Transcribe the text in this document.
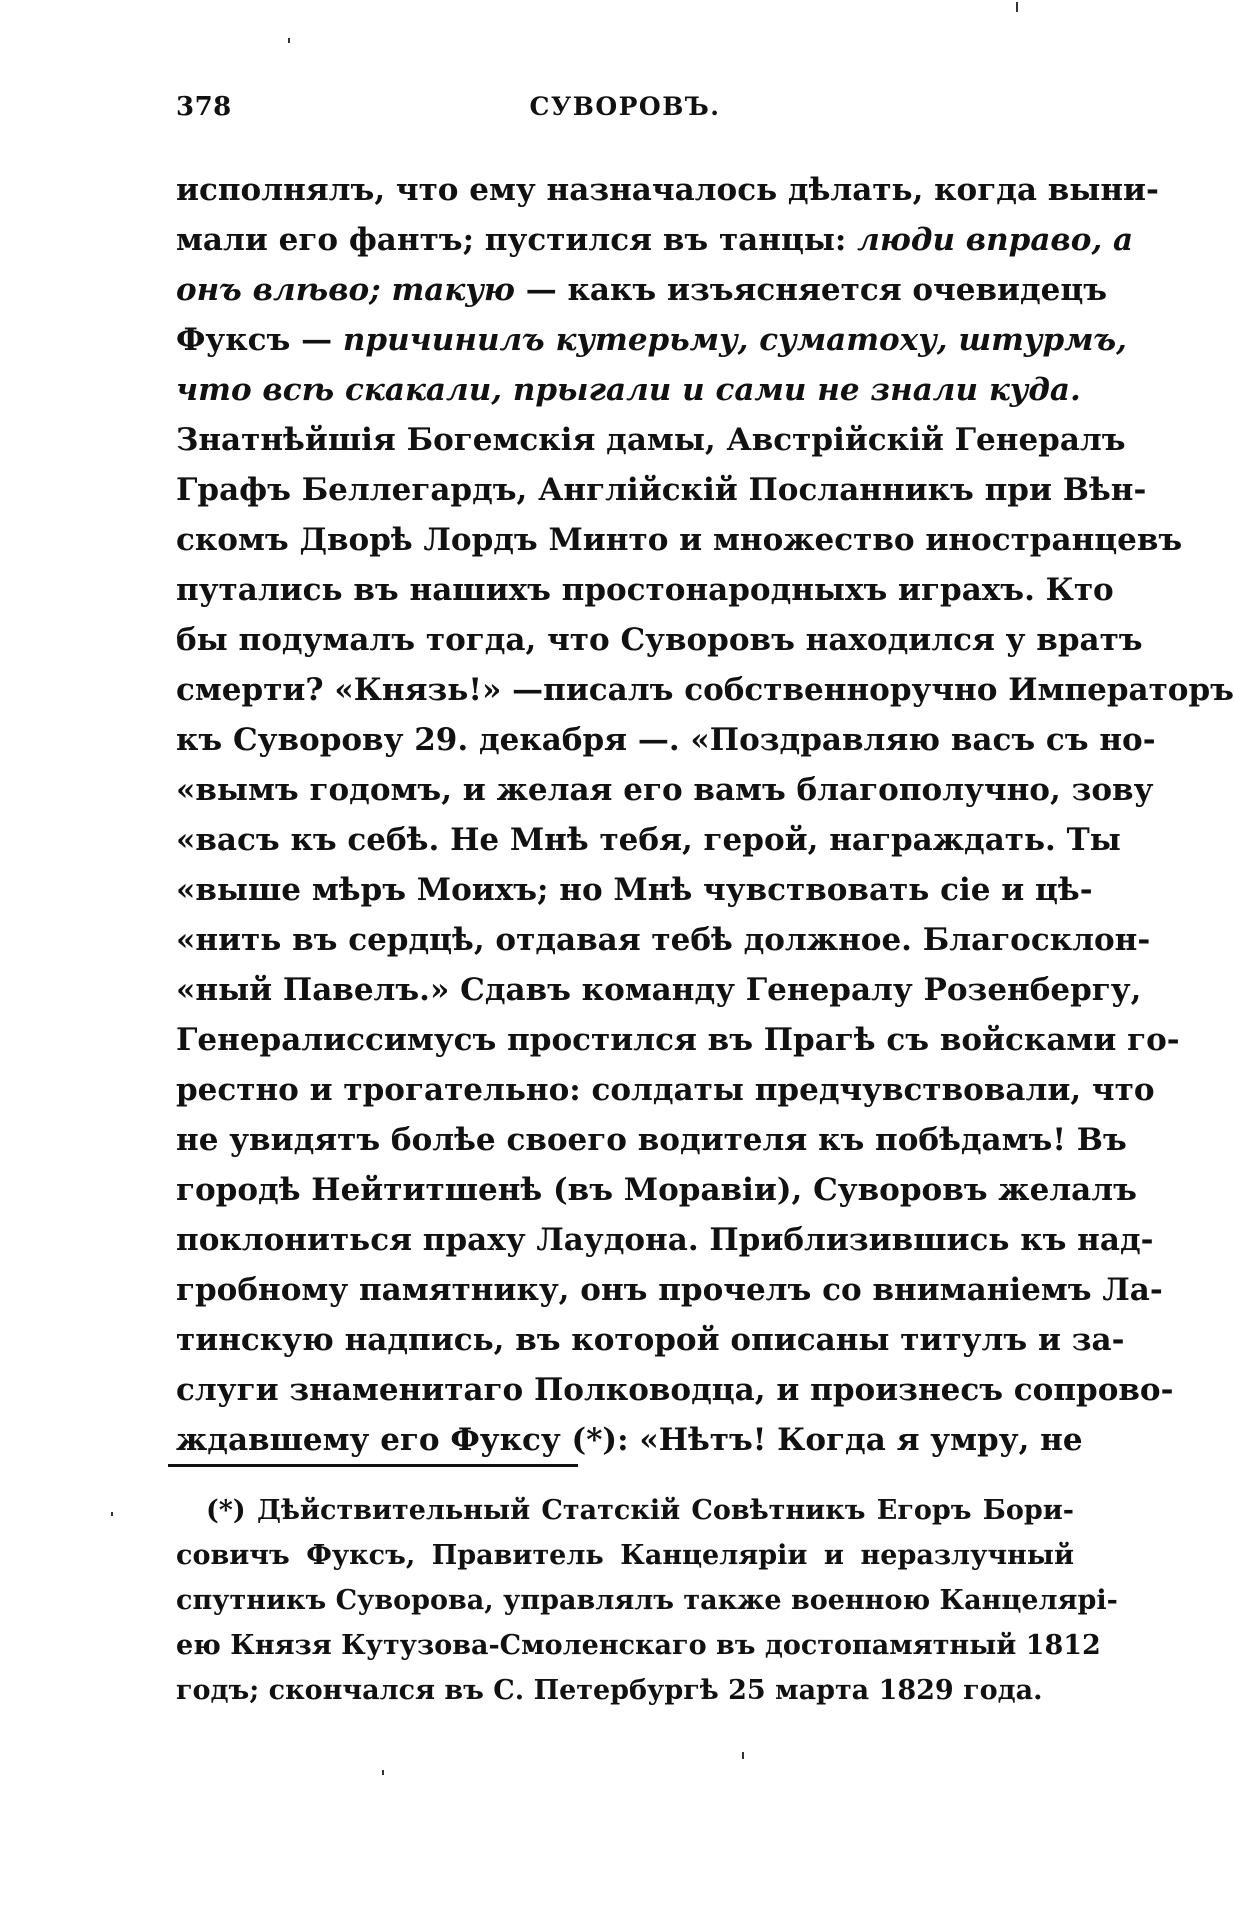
378	СУВОРОВЪ.
исполнялъ, что ему назначалось дѣлать, когда выни-
мали его фантъ; пустился въ танцы: люди вправо, а
онъ влѣво; такую — какъ изъясняется очевидецъ
Фуксъ — причинилъ кутерьму, суматоху, штурмъ,
что всѣ скакали, прыгали и сами не знали куда.
Знатнѣйшія Богемскія дамы, Австрійскій Генералъ
Графъ Беллегардъ, Англійскій Посланникъ при Вѣн-
скомъ Дворѣ Лордъ Минто и множество иностранцевъ
путались въ нашихъ простонародныхъ играхъ. Кто
бы подумалъ тогда, что Суворовъ находился у вратъ
смерти? «Князь!» —писалъ собственноручно Императоръ
къ Суворову 29. декабря —. «Поздравляю васъ съ но-
«вымъ годомъ, и желая его вамъ благополучно, зову
«васъ къ себѣ. Не Мнѣ тебя, герой, награждать. Ты
«выше мѣръ Моихъ; но Мнѣ чувствовать сіе и цѣ-
«нить въ сердцѣ, отдавая тебѣ должное. Благосклон-
«ный Павелъ.» Сдавъ команду Генералу Розенбергу,
Генералиссимусъ простился въ Прагѣ съ войсками го-
рестно и трогательно: солдаты предчувствовали, что
не увидятъ болѣе своего водителя къ побѣдамъ! Въ
городѣ Нейтитшенѣ (въ Моравіи), Суворовъ желалъ
поклониться праху Лаудона. Приблизившись къ над-
гробному памятнику, онъ прочелъ со вниманіемъ Ла-
тинскую надпись, въ которой описаны титулъ и за-
слуги знаменитаго Полководца, и произнесъ сопрово-
ждавшему его Фуксу (*): «Нѣтъ! Когда я умру, не
(*) Дѣйствительный Статскій Совѣтникъ Егоръ Бори-
совичъ Фуксъ, Правитель Канцеляріи и неразлучный
спутникъ Суворова, управлялъ также военною Канцелярі-
ею Князя Кутузова-Смоленскаго въ достопамятный 1812
годъ; скончался въ С. Петербургѣ 25 марта 1829 года.
